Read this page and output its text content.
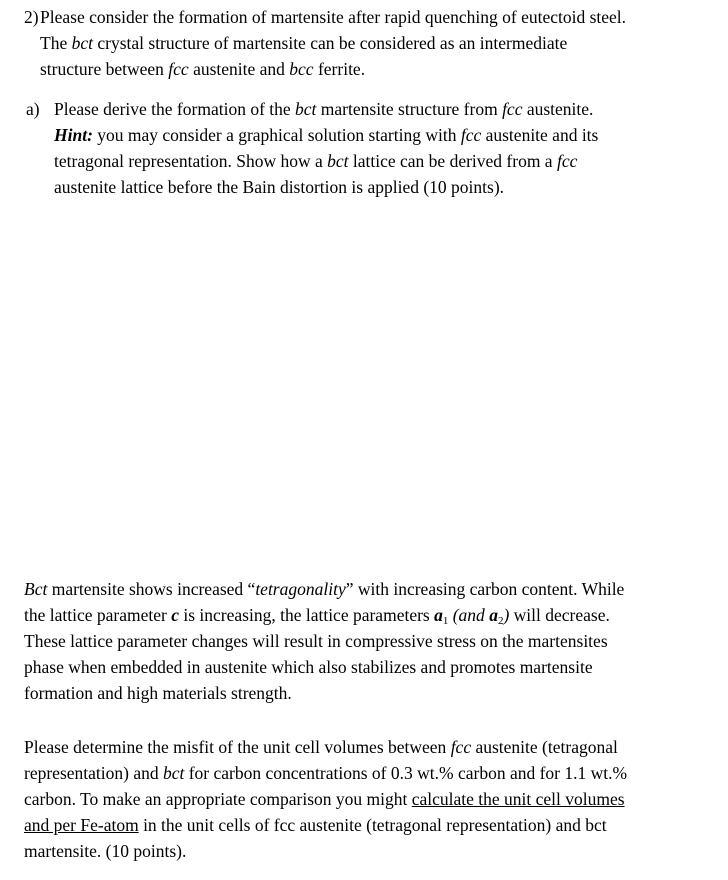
2) Please consider the formation of martensite after rapid quenching of eutectoid steel.
The bct crystal structure of martensite can be considered as an intermediate
structure between fcc austenite and bcc ferrite.
a) Please derive the formation of the bct martensite structure from fcc austenite.
Hint: you may consider a graphical solution starting with fcc austenite and its
tetragonal representation. Show how a bct lattice can be derived from a fcc
austenite lattice before the Bain distortion is applied (10 points).
Bct martensite shows increased “tetragonality” with increasing carbon content. While
the lattice parameter c is increasing, the lattice parameters $a_1$ (and $a_2$) will decrease.
These lattice parameter changes will result in compressive stress on the martensites
phase when embedded in austenite which also stabilizes and promotes martensite
formation and high materials strength.
Please determine the misfit of the unit cell volumes between fcc austenite (tetragonal
representation) and bct for carbon concentrations of 0.3 wt.% carbon and for 1.1 wt.%
carbon. To make an appropriate comparison you might calculate the unit cell volumes
and per Fe-atom in the unit cells of fcc austenite (tetragonal representation) and bct
martensite. (10 points).
